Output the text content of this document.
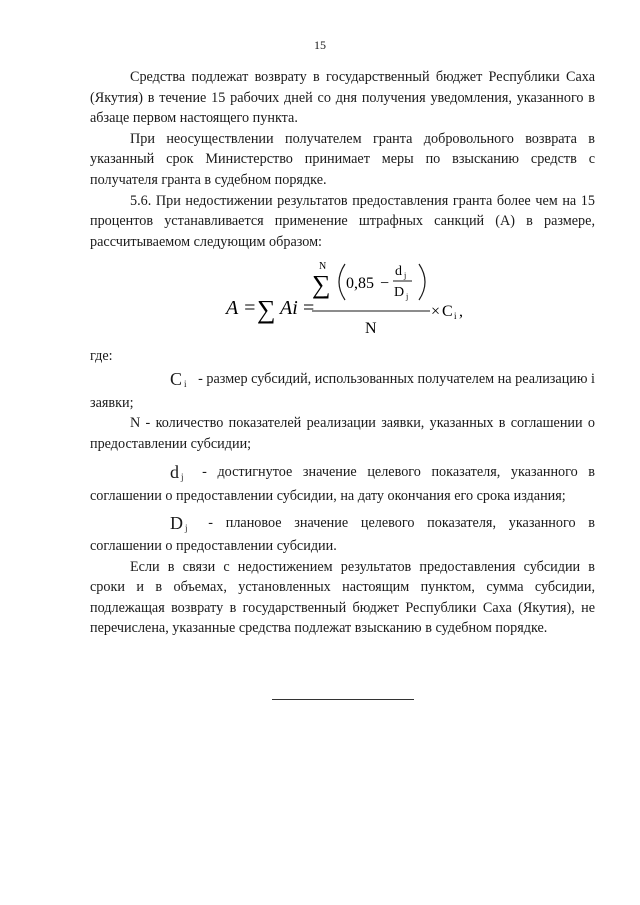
15

Средства подлежат возврату в государственный бюджет Республики Саха (Якутия) в течение 15 рабочих дней со дня получения уведомления, указанного в абзаце первом настоящего пункта.

При неосуществлении получателем гранта добровольного возврата в указанный срок Министерство принимает меры по взысканию средств с получателя гранта в судебном порядке.

5.6. При недостижении результатов предоставления гранта более чем на 15 процентов устанавливается применение штрафных санкций (А) в размере, рассчитываемом следующим образом:

A = ∑ Ai =
N
∑ 0,85 −
d j
D j
N
× C i ,

где:

C $_i$ - размер субсидий, использованных получателем на реализацию i заявки;

N - количество показателей реализации заявки, указанных в соглашении о предоставлении субсидии;

d $_j$ - достигнутое значение целевого показателя, указанного в соглашении о предоставлении субсидии, на дату окончания его срока издания;

D $_j$ - плановое значение целевого показателя, указанного в соглашении о предоставлении субсидии.

Если в связи с недостижением результатов предоставления субсидии в сроки и в объемах, установленных настоящим пунктом, сумма субсидии, подлежащая возврату в государственный бюджет Республики Саха (Якутия), не перечислена, указанные средства подлежат взысканию в судебном порядке.
